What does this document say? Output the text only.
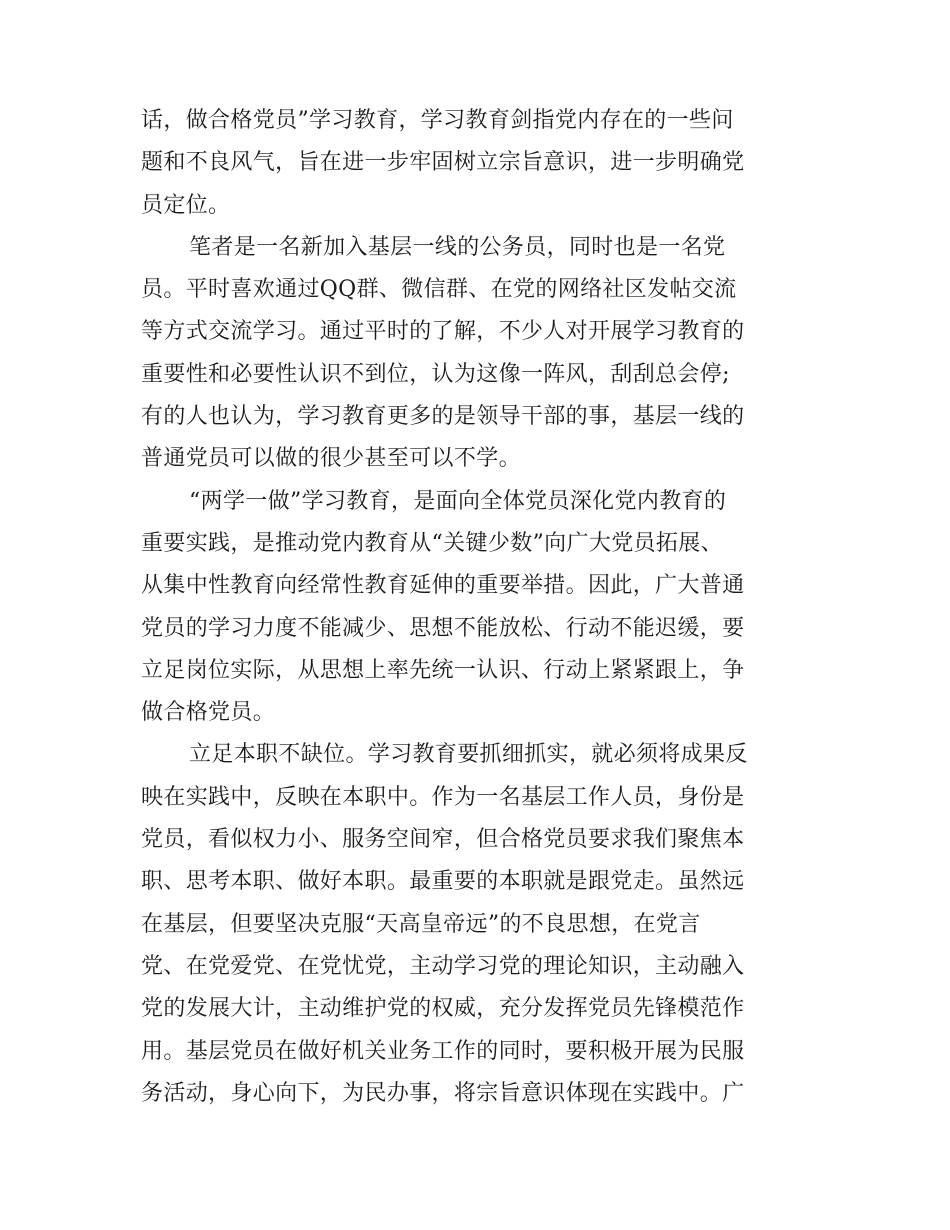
话，做合格党员”学习教育，学习教育剑指党内存在的一些问
题和不良风气，旨在进一步牢固树立宗旨意识，进一步明确党
员定位。
笔者是一名新加入基层一线的公务员，同时也是一名党
员。平时喜欢通过QQ群、微信群、在党的网络社区发帖交流
等方式交流学习。通过平时的了解，不少人对开展学习教育的
重要性和必要性认识不到位，认为这像一阵风，刮刮总会停;
有的人也认为，学习教育更多的是领导干部的事，基层一线的
普通党员可以做的很少甚至可以不学。
“两学一做”学习教育，是面向全体党员深化党内教育的
重要实践，是推动党内教育从“关键少数”向广大党员拓展、
从集中性教育向经常性教育延伸的重要举措。因此，广大普通
党员的学习力度不能减少、思想不能放松、行动不能迟缓，要
立足岗位实际，从思想上率先统一认识、行动上紧紧跟上，争
做合格党员。
立足本职不缺位。学习教育要抓细抓实，就必须将成果反
映在实践中，反映在本职中。作为一名基层工作人员，身份是
党员，看似权力小、服务空间窄，但合格党员要求我们聚焦本
职、思考本职、做好本职。最重要的本职就是跟党走。虽然远
在基层，但要坚决克服“天高皇帝远”的不良思想，在党言
党、在党爱党、在党忧党，主动学习党的理论知识，主动融入
党的发展大计，主动维护党的权威，充分发挥党员先锋模范作
用。基层党员在做好机关业务工作的同时，要积极开展为民服
务活动，身心向下，为民办事，将宗旨意识体现在实践中。广
